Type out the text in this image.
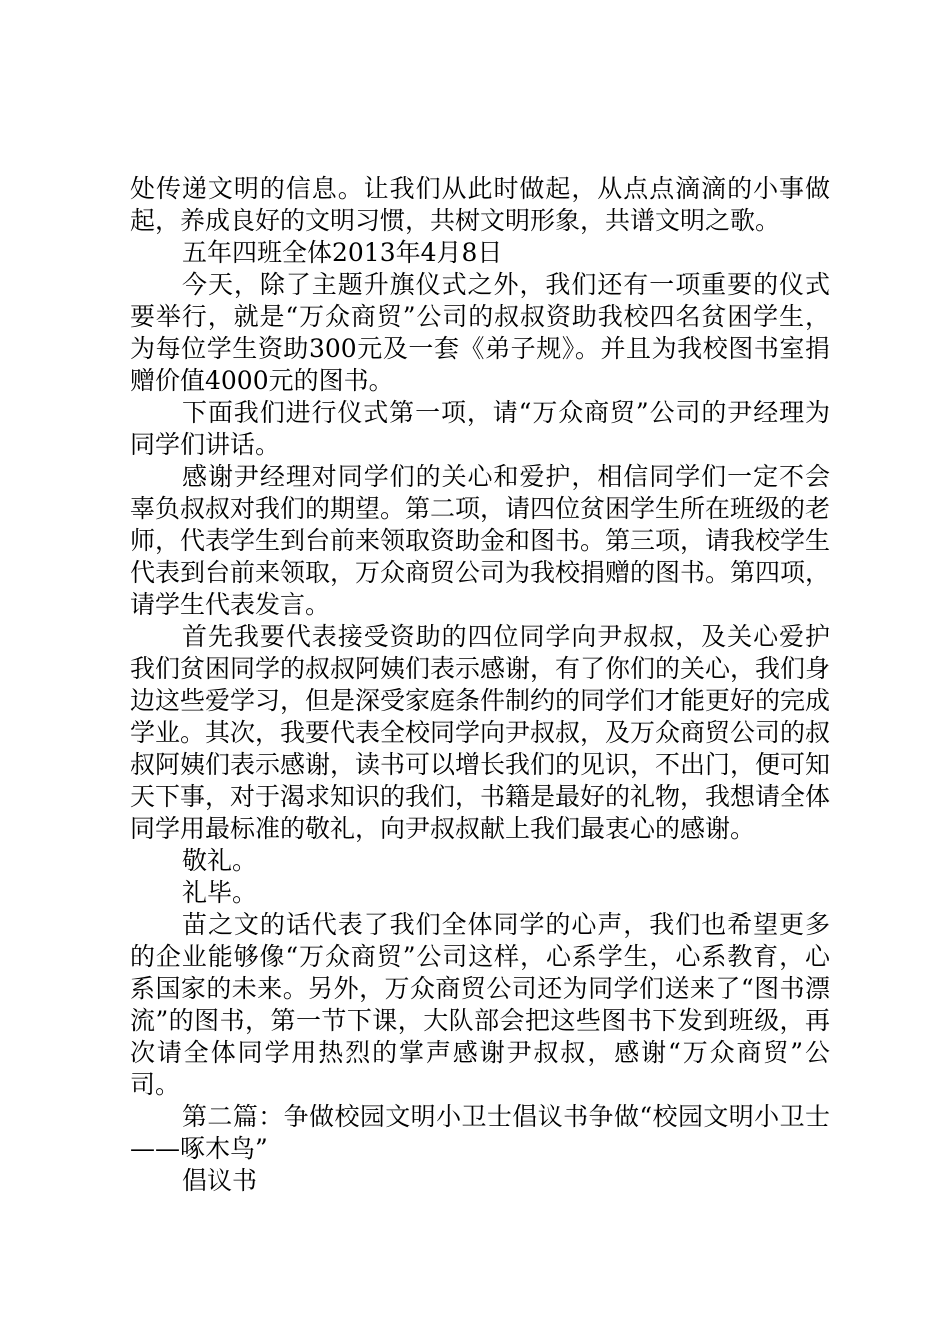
处传递文明的信息。让我们从此时做起，从点点滴滴的小事做起，养成良好的文明习惯，共树文明形象，共谱文明之歌。

五年四班全体2013年4月8日

今天，除了主题升旗仪式之外，我们还有一项重要的仪式要举行，就是“万众商贸”公司的叔叔资助我校四名贫困学生，为每位学生资助300元及一套《弟子规》。并且为我校图书室捐赠价值4000元的图书。

下面我们进行仪式第一项，请“万众商贸”公司的尹经理为同学们讲话。

感谢尹经理对同学们的关心和爱护，相信同学们一定不会辜负叔叔对我们的期望。第二项，请四位贫困学生所在班级的老师，代表学生到台前来领取资助金和图书。第三项，请我校学生代表到台前来领取，万众商贸公司为我校捐赠的图书。第四项，请学生代表发言。

首先我要代表接受资助的四位同学向尹叔叔，及关心爱护我们贫困同学的叔叔阿姨们表示感谢，有了你们的关心，我们身边这些爱学习，但是深受家庭条件制约的同学们才能更好的完成学业。其次，我要代表全校同学向尹叔叔，及万众商贸公司的叔叔阿姨们表示感谢，读书可以增长我们的见识，不出门，便可知天下事，对于渴求知识的我们，书籍是最好的礼物，我想请全体同学用最标准的敬礼，向尹叔叔献上我们最衷心的感谢。

敬礼。

礼毕。

苗之文的话代表了我们全体同学的心声，我们也希望更多的企业能够像“万众商贸”公司这样，心系学生，心系教育，心系国家的未来。另外，万众商贸公司还为同学们送来了“图书漂流”的图书，第一节下课，大队部会把这些图书下发到班级，再次请全体同学用热烈的掌声感谢尹叔叔，感谢“万众商贸”公司。

第二篇：争做校园文明小卫士倡议书争做“校园文明小卫士——啄木鸟”

倡议书
